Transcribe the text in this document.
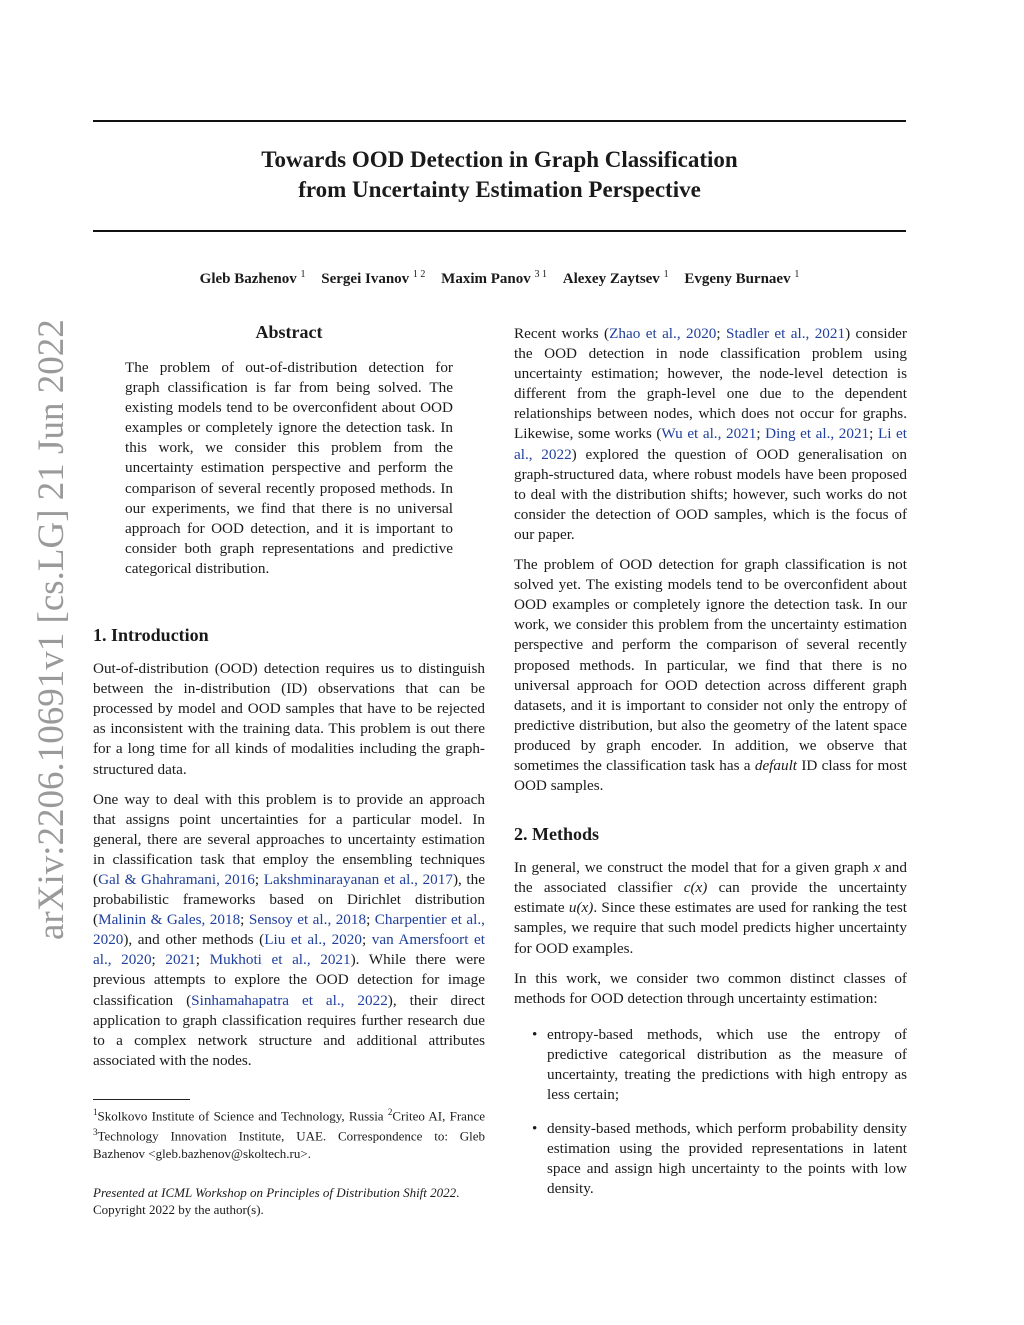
arXiv:2206.10691v1 [cs.LG] 21 Jun 2022
Towards OOD Detection in Graph Classification
from Uncertainty Estimation Perspective
Gleb Bazhenov $^1$ Sergei Ivanov $^{1 2}$ Maxim Panov $^{3 1}$ Alexey Zaytsev $^1$ Evgeny Burnaev $^1$
Abstract

The problem of out-of-distribution detection for graph classification is far from being solved. The existing models tend to be overconfident about OOD examples or completely ignore the detection task. In this work, we consider this problem from the uncertainty estimation perspective and perform the comparison of several recently proposed methods. In our experiments, we find that there is no universal approach for OOD detection, and it is important to consider both graph representations and predictive categorical distribution.

1. Introduction

Out-of-distribution (OOD) detection requires us to distinguish between the in-distribution (ID) observations that can be processed by model and OOD samples that have to be rejected as inconsistent with the training data. This problem is out there for a long time for all kinds of modalities including the graph-structured data.

One way to deal with this problem is to provide an approach that assigns point uncertainties for a particular model. In general, there are several approaches to uncertainty estimation in classification task that employ the ensembling techniques (Gal & Ghahramani, 2016; Lakshminarayanan et al., 2017), the probabilistic frameworks based on Dirichlet distribution (Malinin & Gales, 2018; Sensoy et al., 2018; Charpentier et al., 2020), and other methods (Liu et al., 2020; van Amersfoort et al., 2020; 2021; Mukhoti et al., 2021). While there were previous attempts to explore the OOD detection for image classification (Sinhamahapatra et al., 2022), their direct application to graph classification requires further research due to a complex network structure and additional attributes associated with the nodes.

$^1$Skolkovo Institute of Science and Technology, Russia $^2$Criteo AI, France $^3$Technology Innovation Institute, UAE. Correspondence to: Gleb Bazhenov <gleb.bazhenov@skoltech.ru>.
Presented at ICML Workshop on Principles of Distribution Shift 2022. Copyright 2022 by the author(s).

Recent works (Zhao et al., 2020; Stadler et al., 2021) consider the OOD detection in node classification problem using uncertainty estimation; however, the node-level detection is different from the graph-level one due to the dependent relationships between nodes, which does not occur for graphs. Likewise, some works (Wu et al., 2021; Ding et al., 2021; Li et al., 2022) explored the question of OOD generalisation on graph-structured data, where robust models have been proposed to deal with the distribution shifts; however, such works do not consider the detection of OOD samples, which is the focus of our paper.

The problem of OOD detection for graph classification is not solved yet. The existing models tend to be overconfident about OOD examples or completely ignore the detection task. In our work, we consider this problem from the uncertainty estimation perspective and perform the comparison of several recently proposed methods. In particular, we find that there is no universal approach for OOD detection across different graph datasets, and it is important to consider not only the entropy of predictive distribution, but also the geometry of the latent space produced by graph encoder. In addition, we observe that sometimes the classification task has a default ID class for most OOD samples.

2. Methods

In general, we construct the model that for a given graph x and the associated classifier c(x) can provide the uncertainty estimate u(x). Since these estimates are used for ranking the test samples, we require that such model predicts higher uncertainty for OOD examples.

In this work, we consider two common distinct classes of methods for OOD detection through uncertainty estimation:

• entropy-based methods, which use the entropy of predictive categorical distribution as the measure of uncertainty, treating the predictions with high entropy as less certain;
• density-based methods, which perform probability density estimation using the provided representations in latent space and assign high uncertainty to the points with low density.
